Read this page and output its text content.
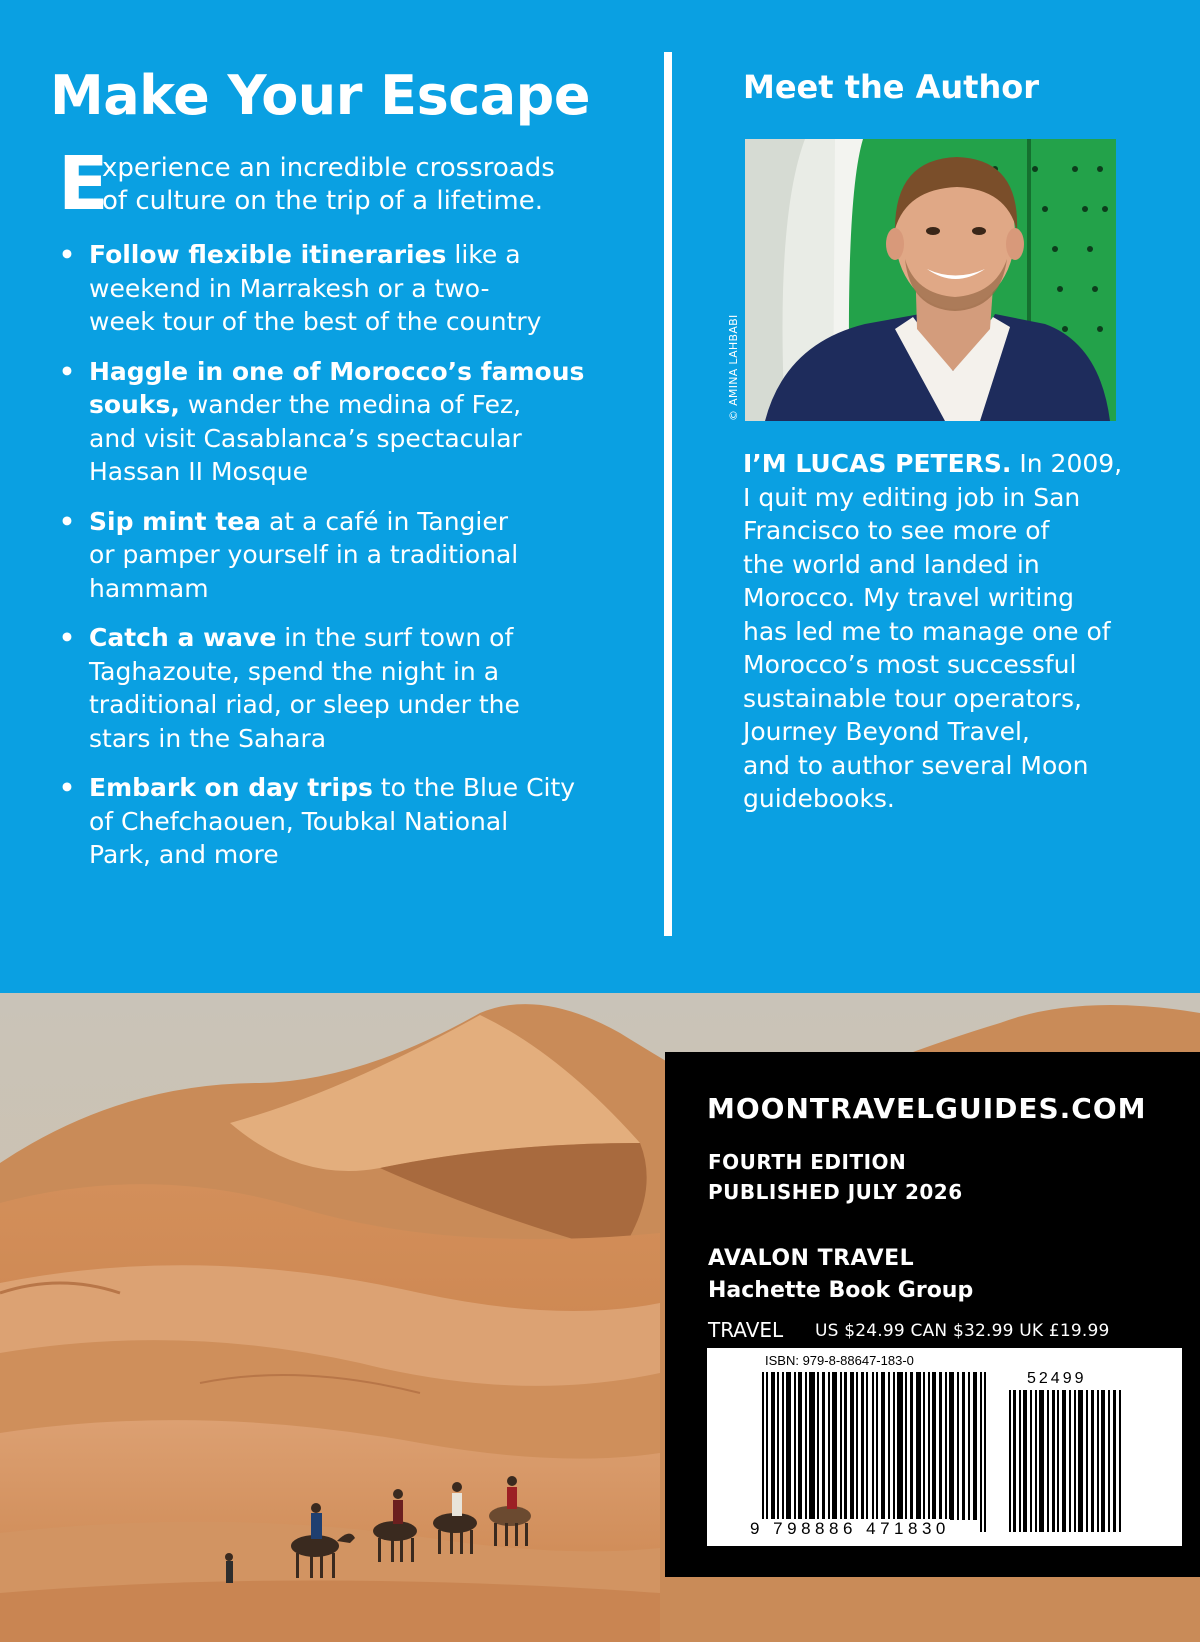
Make Your Escape
E
xperience an incredible crossroads
of culture on the trip of a lifetime.
• Follow flexible itineraries like a
weekend in Marrakesh or a two-
week tour of the best of the country
• Haggle in one of Morocco’s famous
souks, wander the medina of Fez,
and visit Casablanca’s spectacular
Hassan II Mosque
• Sip mint tea at a café in Tangier
or pamper yourself in a traditional
hammam
• Catch a wave in the surf town of
Taghazoute, spend the night in a
traditional riad, or sleep under the
stars in the Sahara
• Embark on day trips to the Blue City
of Chefchaouen, Toubkal National
Park, and more
Meet the Author
© AMINA LAHBABI

I’M LUCAS PETERS. In 2009,
I quit my editing job in San
Francisco to see more of
the world and landed in
Morocco. My travel writing
has led me to manage one of
Morocco’s most successful
sustainable tour operators,
Journey Beyond Travel,
and to author several Moon
guidebooks.

MOONTRAVELGUIDES.COM
FOURTH EDITION
PUBLISHED JULY 2026
AVALON TRAVEL
Hachette Book Group
TRAVEL US $24.99 CAN $32.99 UK £19.99
ISBN: 979-8-88647-183-0
52499
9 798886 471830
